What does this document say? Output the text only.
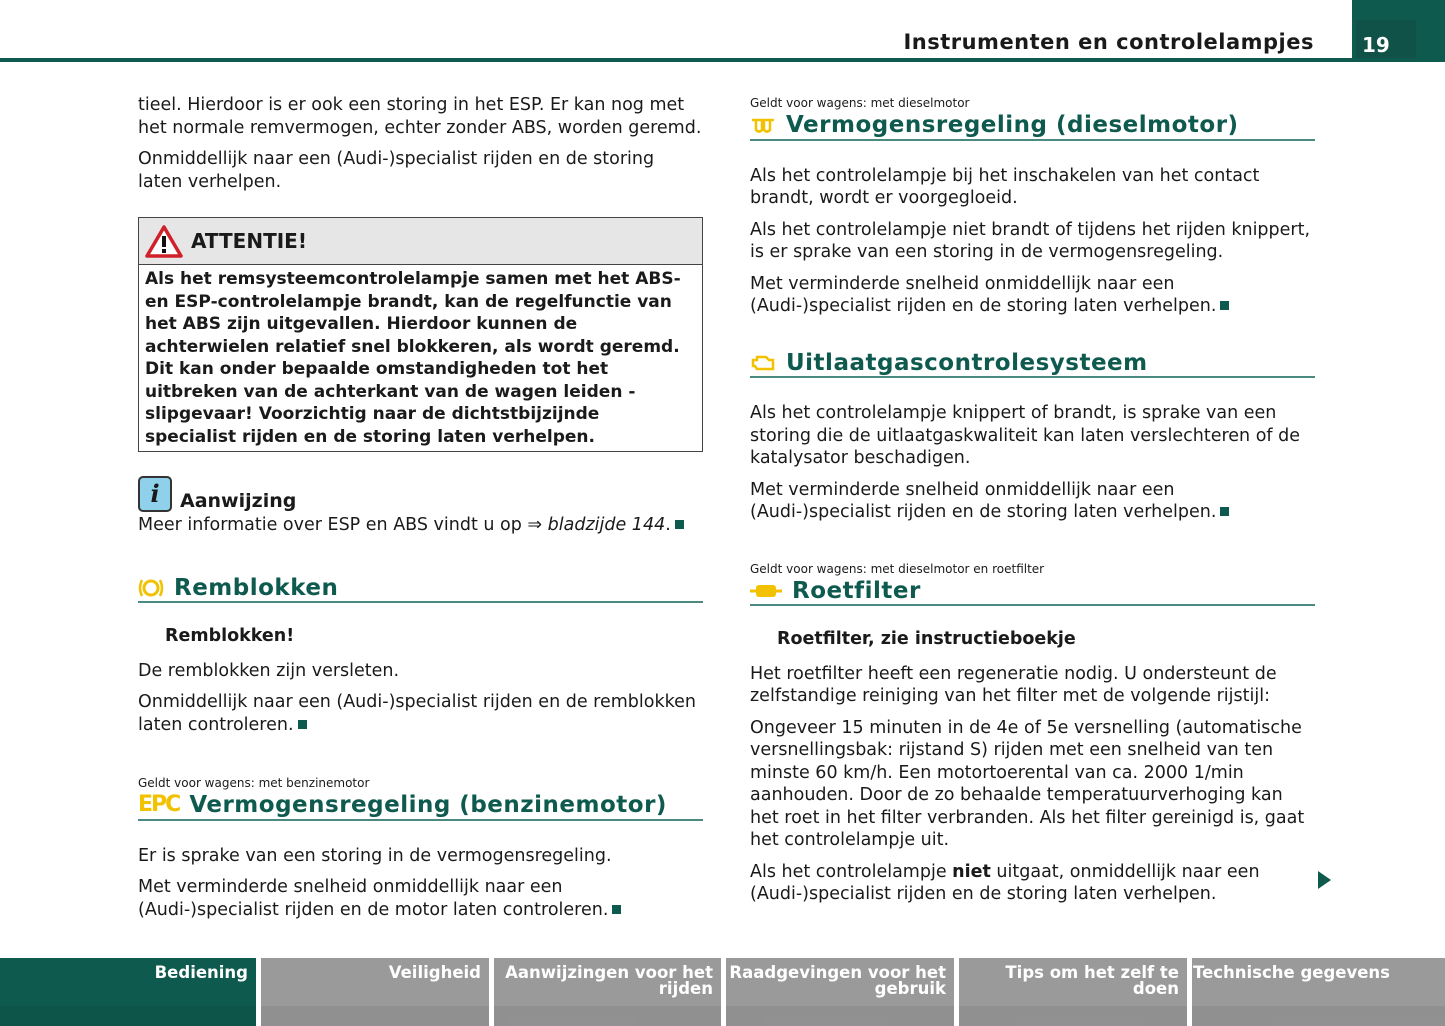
19
Instrumenten en controlelampjes

tieel. Hierdoor is er ook een storing in het ESP. Er kan nog met het normale remvermogen, echter zonder ABS, worden geremd.

Onmiddellijk naar een (Audi-)specialist rijden en de storing laten verhelpen.

ATTENTIE!
Als het remsysteemcontrolelampje samen met het ABS- en ESP-controlelampje brandt, kan de regelfunctie van het ABS zijn uitgevallen. Hierdoor kunnen de achterwielen relatief snel blokkeren, als wordt geremd. Dit kan onder bepaalde omstandigheden tot het uitbreken van de achterkant van de wagen leiden - slipgevaar! Voorzichtig naar de dichtstbijzijnde specialist rijden en de storing laten verhelpen.
i	Aanwijzing

Meer informatie over ESP en ABS vindt u op ⇒ bladzijde 144.

Remblokken

Remblokken!

De remblokken zijn versleten.

Onmiddellijk naar een (Audi-)specialist rijden en de remblokken laten controleren.

Geldt voor wagens: met benzinemotor

EPC Vermogensregeling (benzinemotor)

Er is sprake van een storing in de vermogensregeling.

Met verminderde snelheid onmiddellijk naar een (Audi-)specialist rijden en de motor laten controleren.

Geldt voor wagens: met dieselmotor

Vermogensregeling (dieselmotor)

Als het controlelampje bij het inschakelen van het contact brandt, wordt er voorgegloeid.

Als het controlelampje niet brandt of tijdens het rijden knippert, is er sprake van een storing in de vermogensregeling.

Met verminderde snelheid onmiddellijk naar een (Audi-)specialist rijden en de storing laten verhelpen.

Uitlaatgascontrolesysteem

Als het controlelampje knippert of brandt, is sprake van een storing die de uitlaatgaskwaliteit kan laten verslechteren of de katalysator beschadigen.

Met verminderde snelheid onmiddellijk naar een (Audi-)specialist rijden en de storing laten verhelpen.

Geldt voor wagens: met dieselmotor en roetfilter

Roetfilter

Roetfilter, zie instructieboekje

Het roetfilter heeft een regeneratie nodig. U ondersteunt de zelfstandige reiniging van het filter met de volgende rijstijl:

Ongeveer 15 minuten in de 4e of 5e versnelling (automatische versnellingsbak: rijstand S) rijden met een snelheid van ten minste 60 km/h. Een motortoerental van ca. 2000 1/min aanhouden. Door de zo behaalde temperatuurverhoging kan het roet in het filter verbranden. Als het filter gereinigd is, gaat het controlelampje uit.

Als het controlelampje niet uitgaat, onmiddellijk naar een (Audi-)specialist rijden en de storing laten verhelpen.

Bediening	Veiligheid	Aanwijzingen voor het rijden
Raadgevingen voor het gebruik
Tips om het zelf te doen
Technische gegevens
